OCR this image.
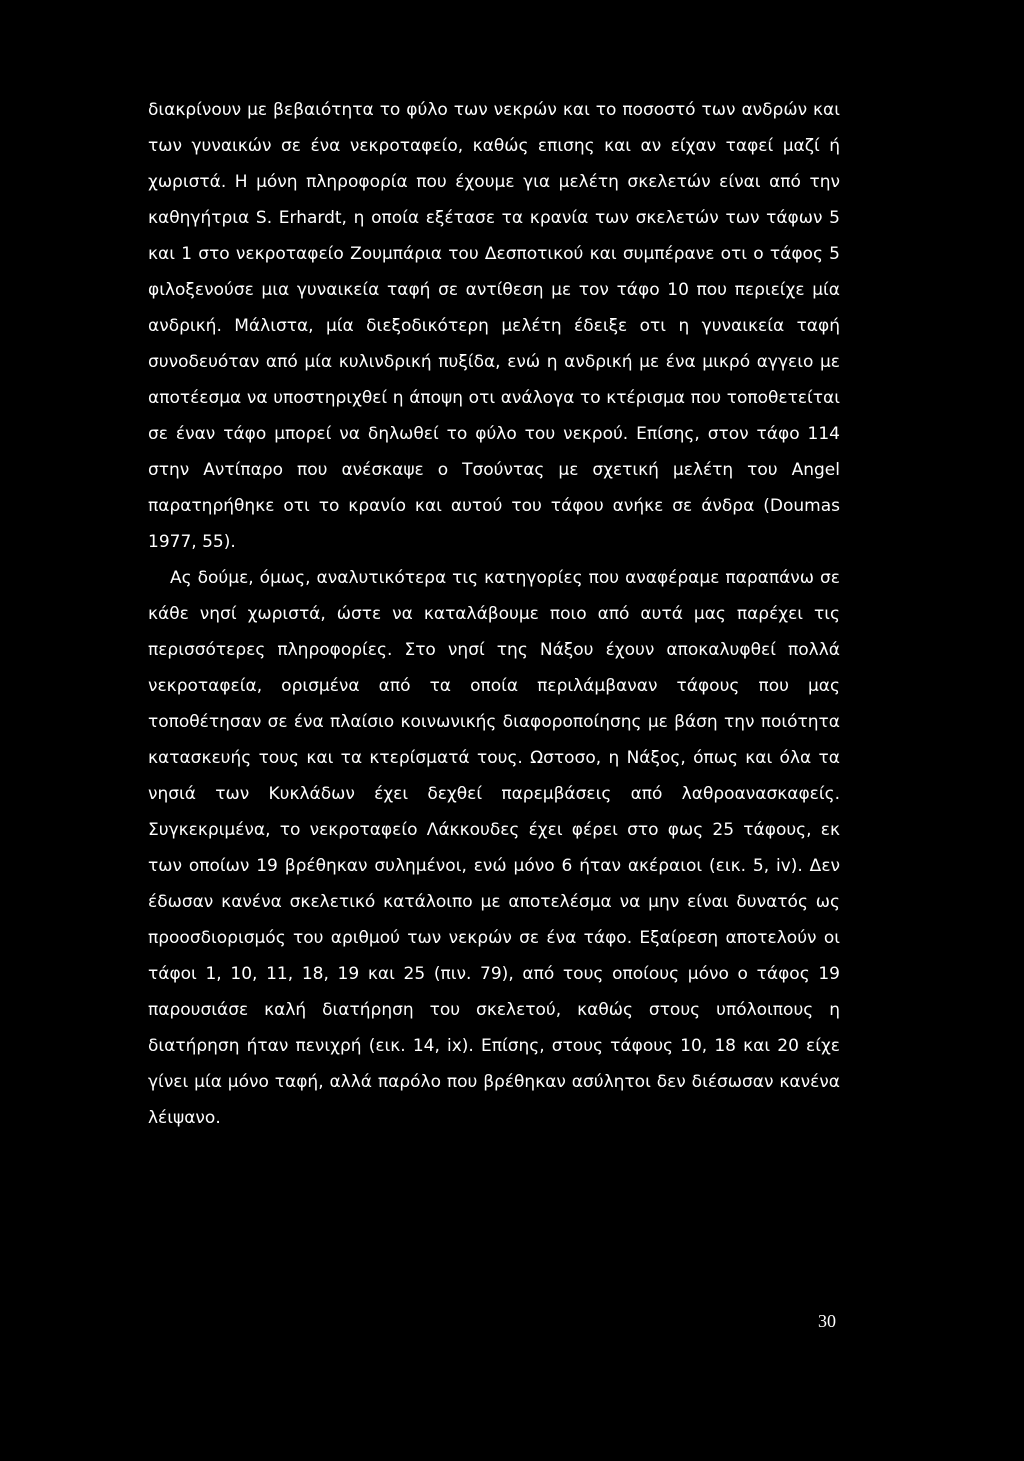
διακρίνουν με βεβαιότητα το φύλο των νεκρών και το ποσοστό των ανδρών και των γυναικών σε ένα νεκροταφείο, καθώς επισης και αν είχαν ταφεί μαζί ή χωριστά. Η μόνη πληροφορία που έχουμε για μελέτη σκελετών είναι από την καθηγήτρια S. Erhardt, η οποία εξέτασε τα κρανία των σκελετών των τάφων 5 και 1 στο νεκροταφείο Ζουμπάρια του Δεσποτικού και συμπέρανε οτι ο τάφος 5 φιλοξενούσε μια γυναικεία ταφή σε αντίθεση με τον τάφο 10 που περιείχε μία ανδρική. Μάλιστα, μία διεξοδικότερη μελέτη έδειξε οτι η γυναικεία ταφή συνοδευόταν από μία κυλινδρική πυξίδα, ενώ η ανδρική με ένα μικρό αγγειο με αποτέεσμα να υποστηριχθεί η άποψη οτι ανάλογα το κτέρισμα που τοποθετείται σε έναν τάφο μπορεί να δηλωθεί το φύλο του νεκρού. Επίσης, στον τάφο 114 στην Αντίπαρο που ανέσκαψε ο Τσούντας με σχετική μελέτη του Angel παρατηρήθηκε οτι το κρανίο και αυτού του τάφου ανήκε σε άνδρα (Doumas 1977, 55).

Ας δούμε, όμως, αναλυτικότερα τις κατηγορίες που αναφέραμε παραπάνω σε κάθε νησί χωριστά, ώστε να καταλάβουμε ποιο από αυτά μας παρέχει τις περισσότερες πληροφορίες. Στο νησί της Νάξου έχουν αποκαλυφθεί πολλά νεκροταφεία, ορισμένα από τα οποία περιλάμβαναν τάφους που μας τοποθέτησαν σε ένα πλαίσιο κοινωνικής διαφοροποίησης με βάση την ποιότητα κατασκευής τους και τα κτερίσματά τους. Ωστοσο, η Νάξος, όπως και όλα τα νησιά των Κυκλάδων έχει δεχθεί παρεμβάσεις από λαθροανασκαφείς. Συγκεκριμένα, το νεκροταφείο Λάκκουδες έχει φέρει στο φως 25 τάφους, εκ των οποίων 19 βρέθηκαν συλημένοι, ενώ μόνο 6 ήταν ακέραιοι (εικ. 5, iv). Δεν έδωσαν κανένα σκελετικό κατάλοιπο με αποτελέσμα να μην είναι δυνατός ως προοσδιορισμός του αριθμού των νεκρών σε ένα τάφο. Εξαίρεση αποτελούν οι τάφοι 1, 10, 11, 18, 19 και 25 (πιν. 79), από τους οποίους μόνο ο τάφος 19 παρουσιάσε καλή διατήρηση του σκελετού, καθώς στους υπόλοιπους η διατήρηση ήταν πενιχρή (εικ. 14, ix). Επίσης, στους τάφους 10, 18 και 20 είχε γίνει μία μόνο ταφή, αλλά παρόλο που βρέθηκαν ασύλητοι δεν διέσωσαν κανένα λέιψανο.

30
